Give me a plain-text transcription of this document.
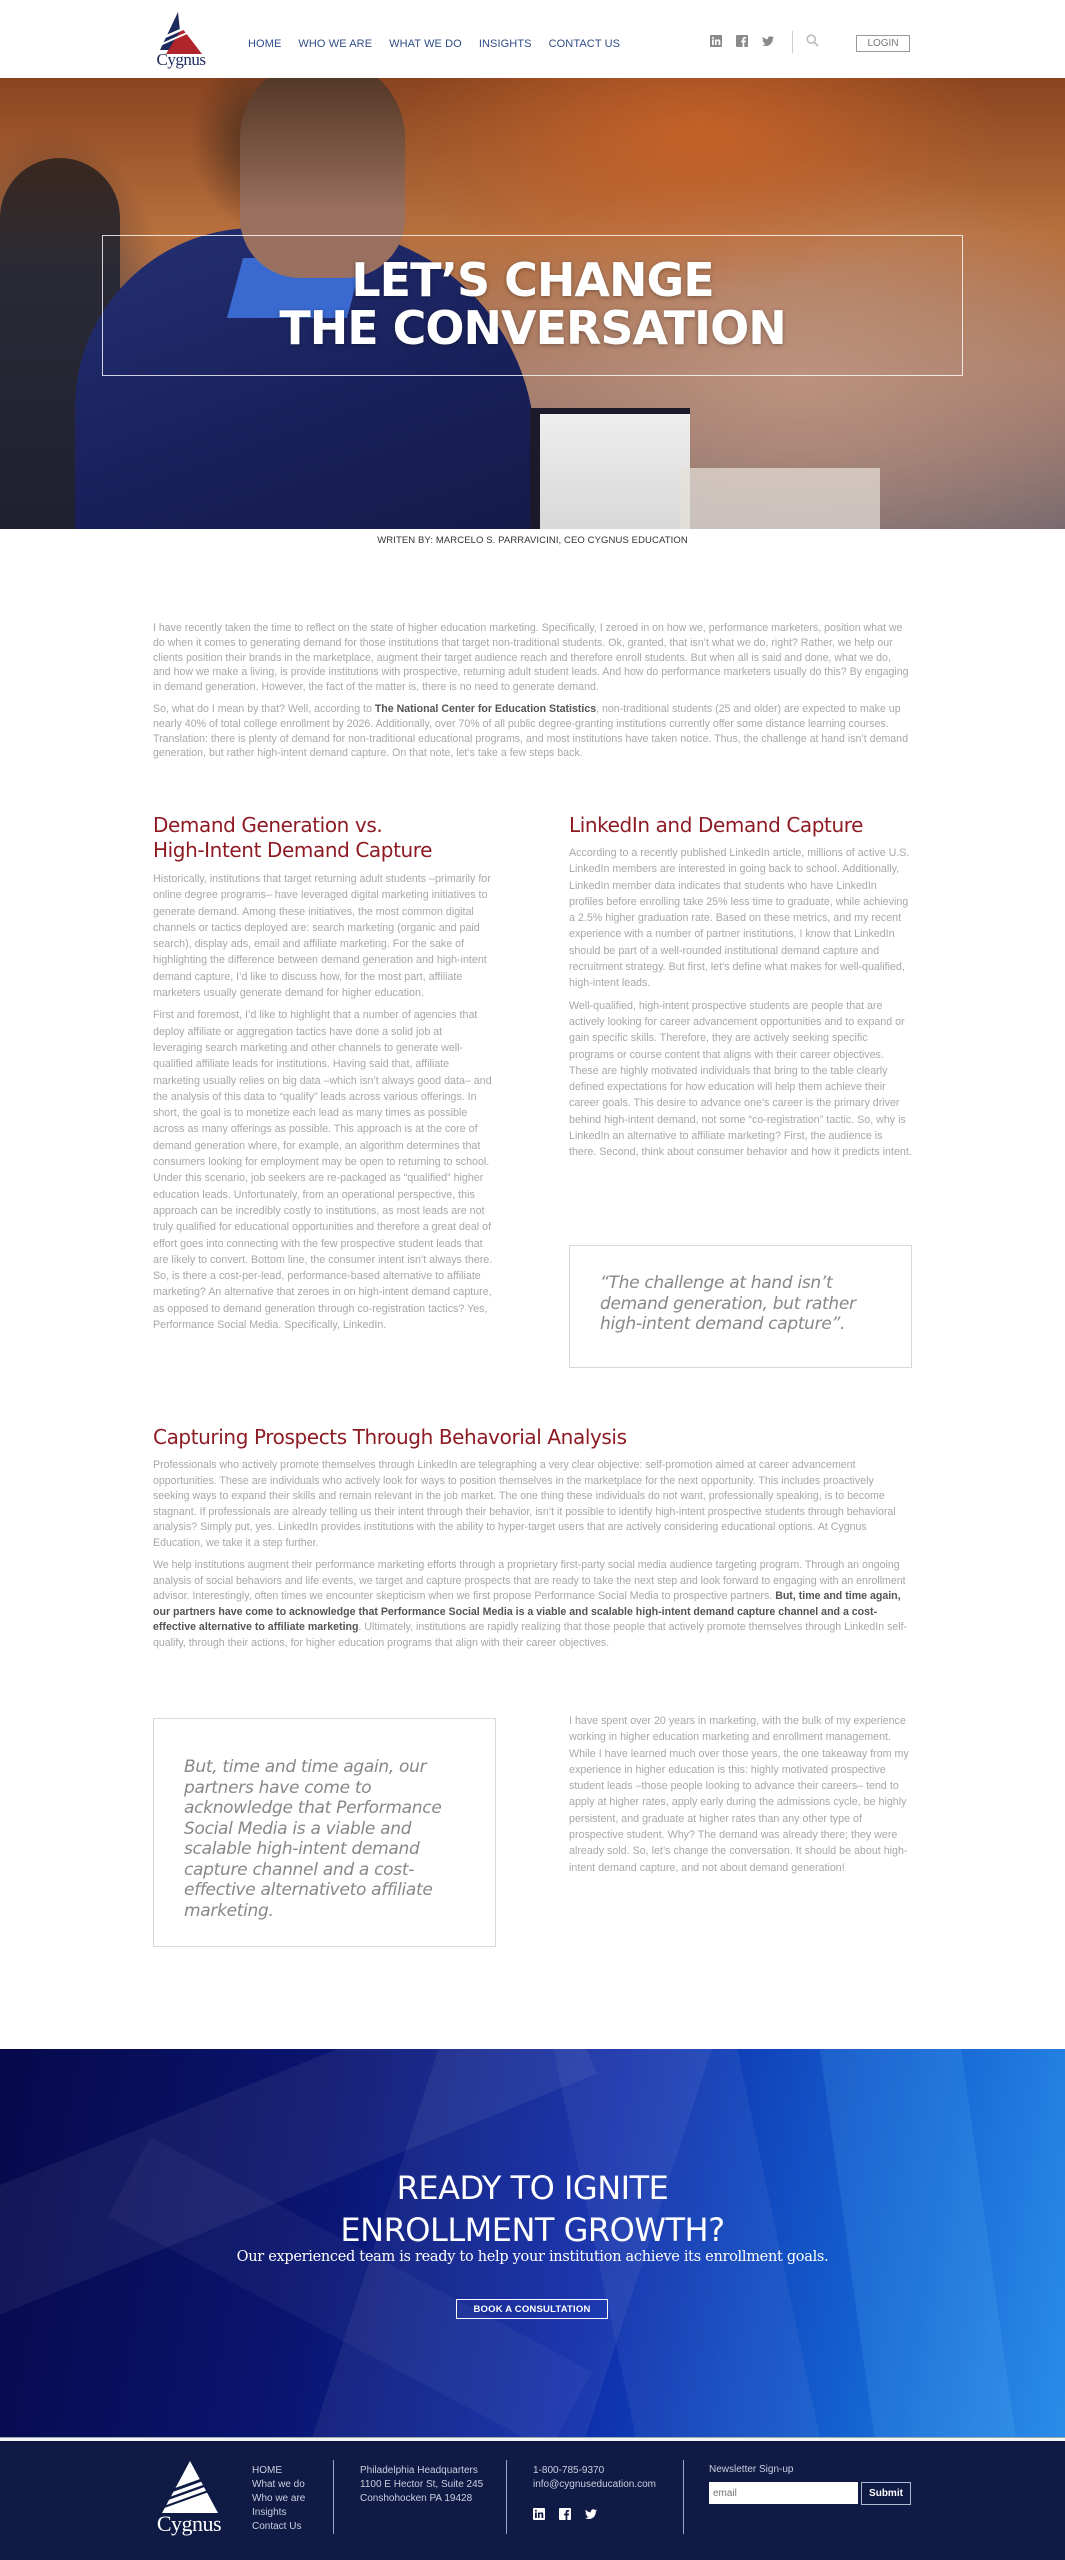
Cygnus
HOME WHO WE ARE WHAT WE DO INSIGHTS CONTACT US	LOGIN
LET’S CHANGE
THE CONVERSATION
WRITEN BY: MARCELO S. PARRAVICINI, CEO CYGNUS EDUCATION

I have recently taken the time to reflect on the state of higher education marketing. Specifically, I zeroed in on how we, performance marketers, position what we do when it comes to generating demand for those institutions that target non-traditional students. Ok, granted, that isn’t what we do, right? Rather, we help our clients position their brands in the marketplace, augment their target audience reach and therefore enroll students. But when all is said and done, what we do, and how we make a living, is provide institutions with prospective, returning adult student leads. And how do performance marketers usually do this? By engaging in demand generation. However, the fact of the matter is, there is no need to generate demand.

So, what do I mean by that? Well, according to The National Center for Education Statistics, non-traditional students (25 and older) are expected to make up nearly 40% of total college enrollment by 2026. Additionally, over 70% of all public degree-granting institutions currently offer some distance learning courses. Translation: there is plenty of demand for non-traditional educational programs, and most institutions have taken notice. Thus, the challenge at hand isn’t demand generation, but rather high-intent demand capture. On that note, let’s take a few steps back.

Demand Generation vs.
High-Intent Demand Capture

Historically, institutions that target returning adult students –primarily for online degree programs– have leveraged digital marketing initiatives to generate demand. Among these initiatives, the most common digital channels or tactics deployed are: search marketing (organic and paid search), display ads, email and affiliate marketing. For the sake of highlighting the difference between demand generation and high-intent demand capture, I’d like to discuss how, for the most part, affiliate marketers usually generate demand for higher education.

First and foremost, I’d like to highlight that a number of agencies that deploy affiliate or aggregation tactics have done a solid job at leveraging search marketing and other channels to generate well-qualified affiliate leads for institutions. Having said that, affiliate marketing usually relies on big data –which isn’t always good data– and the analysis of this data to “qualify” leads across various offerings. In short, the goal is to monetize each lead as many times as possible across as many offerings as possible. This approach is at the core of demand generation where, for example, an algorithm determines that consumers looking for employment may be open to returning to school. Under this scenario, job seekers are re-packaged as “qualified” higher education leads. Unfortunately, from an operational perspective, this approach can be incredibly costly to institutions, as most leads are not truly qualified for educational opportunities and therefore a great deal of effort goes into connecting with the few prospective student leads that are likely to convert. Bottom line, the consumer intent isn’t always there. So, is there a cost-per-lead, performance-based alternative to affiliate marketing? An alternative that zeroes in on high-intent demand capture, as opposed to demand generation through co-registration tactics? Yes, Performance Social Media. Specifically, LinkedIn.

LinkedIn and Demand Capture

According to a recently published LinkedIn article, millions of active U.S. LinkedIn members are interested in going back to school. Additionally, LinkedIn member data indicates that students who have LinkedIn profiles before enrolling take 25% less time to graduate, while achieving a 2.5% higher graduation rate. Based on these metrics, and my recent experience with a number of partner institutions, I know that LinkedIn should be part of a well-rounded institutional demand capture and recruitment strategy. But first, let’s define what makes for well-qualified, high-intent leads.

Well-qualified, high-intent prospective students are people that are actively looking for career advancement opportunities and to expand or gain specific skills. Therefore, they are actively seeking specific programs or course content that aligns with their career objectives. These are highly motivated individuals that bring to the table clearly defined expectations for how education will help them achieve their career goals. This desire to advance one’s career is the primary driver behind high-intent demand, not some “co-registration” tactic. So, why is LinkedIn an alternative to affiliate marketing? First, the audience is there. Second, think about consumer behavior and how it predicts intent.

“The challenge at hand isn’t demand generation, but rather high-intent demand capture”.

Capturing Prospects Through Behavorial Analysis

Professionals who actively promote themselves through LinkedIn are telegraphing a very clear objective: self-promotion aimed at career advancement opportunities. These are individuals who actively look for ways to position themselves in the marketplace for the next opportunity. This includes proactively seeking ways to expand their skills and remain relevant in the job market. The one thing these individuals do not want, professionally speaking, is to become stagnant. If professionals are already telling us their intent through their behavior, isn’t it possible to identify high-intent prospective students through behavioral analysis? Simply put, yes. LinkedIn provides institutions with the ability to hyper-target users that are actively considering educational options. At Cygnus Education, we take it a step further.

We help institutions augment their performance marketing efforts through a proprietary first-party social media audience targeting program. Through an ongoing analysis of social behaviors and life events, we target and capture prospects that are ready to take the next step and look forward to engaging with an enrollment advisor. Interestingly, often times we encounter skepticism when we first propose Performance Social Media to prospective partners. But, time and time again, our partners have come to acknowledge that Performance Social Media is a viable and scalable high-intent demand capture channel and a cost-effective alternative to affiliate marketing. Ultimately, institutions are rapidly realizing that those people that actively promote themselves through LinkedIn self-qualify, through their actions, for higher education programs that align with their career objectives.

But, time and time again, our partners have come to acknowledge that Performance Social Media is a viable and scalable high-intent demand capture channel and a cost-effective alternativeto affiliate marketing.

I have spent over 20 years in marketing, with the bulk of my experience working in higher education marketing and enrollment management. While I have learned much over those years, the one takeaway from my experience in higher education is this: highly motivated prospective student leads –those people looking to advance their careers– tend to apply at higher rates, apply early during the admissions cycle, be highly persistent, and graduate at higher rates than any other type of prospective student. Why? The demand was already there; they were already sold. So, let’s change the conversation. It should be about high-intent demand capture, and not about demand generation!

READY TO IGNITE
ENROLLMENT GROWTH?
Our experienced team is ready to help your institution achieve its enrollment goals.
BOOK A CONSULTATION
Cygnus
HOME
What we do
Who we are
Insights
Contact Us
Philadelphia Headquarters
1100 E Hector St, Suite 245
Conshohocken PA 19428
1-800-785-9370
info@cygnuseducation.com
Newsletter Sign-up
email
Submit
